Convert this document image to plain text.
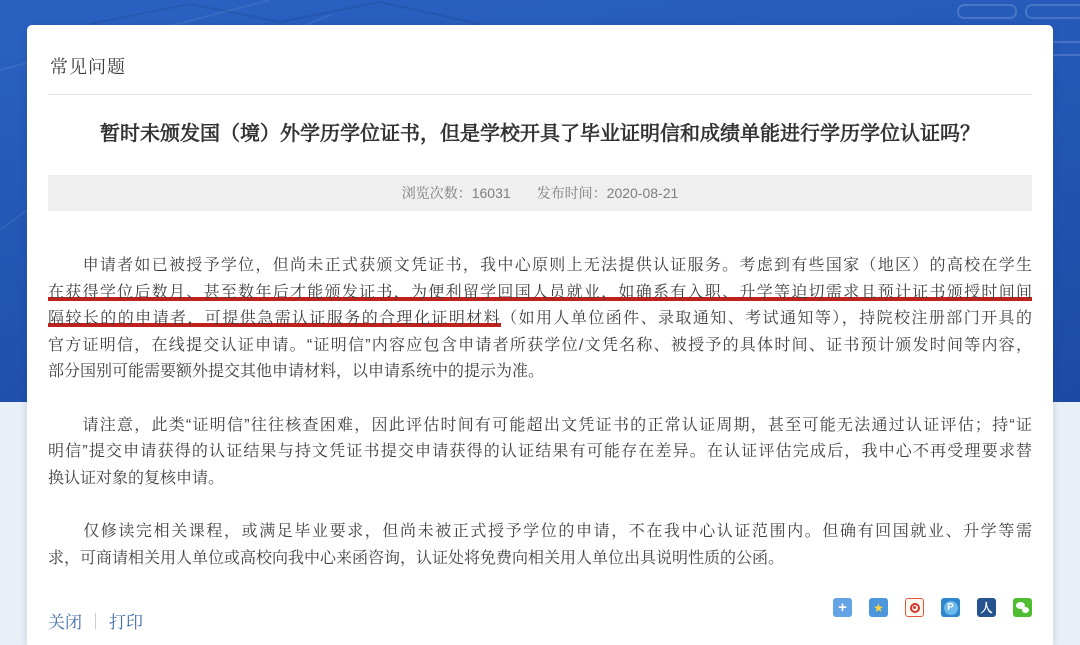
常见问题
暂时未颁发国（境）外学历学位证书，但是学校开具了毕业证明信和成绩单能进行学历学位认证吗？
浏览次数： 16031 发布时间： 2020-08-21
　　申请者如已被授予学位，但尚未正式获颁文凭证书，我中心原则上无法提供认证服务。考虑到有些国家（地区）的高校在学生
在获得学位后数月、甚至数年后才能颁发证书，为便利留学回国人员就业，如确系有入职、升学等迫切需求且预计证书颁授时间间
隔较长的的申请者，可提供急需认证服务的合理化证明材料（如用人单位函件、录取通知、考试通知等），持院校注册部门开具的
官方证明信，在线提交认证申请。“证明信”内容应包含申请者所获学位/文凭名称、被授予的具体时间、证书预计颁发时间等内容，
部分国别可能需要额外提交其他申请材料，以申请系统中的提示为准。
　　请注意，此类“证明信”往往核查困难，因此评估时间有可能超出文凭证书的正常认证周期，甚至可能无法通过认证评估；持“证
明信”提交申请获得的认证结果与持文凭证书提交申请获得的认证结果有可能存在差异。在认证评估完成后，我中心不再受理要求替
换认证对象的复核申请。
　　仅修读完相关课程，或满足毕业要求，但尚未被正式授予学位的申请，不在我中心认证范围内。但确有回国就业、升学等需
求，可商请相关用人单位或高校向我中心来函咨询，认证处将免费向相关用人单位出具说明性质的公函。
关闭 打印
+	★	P	人
